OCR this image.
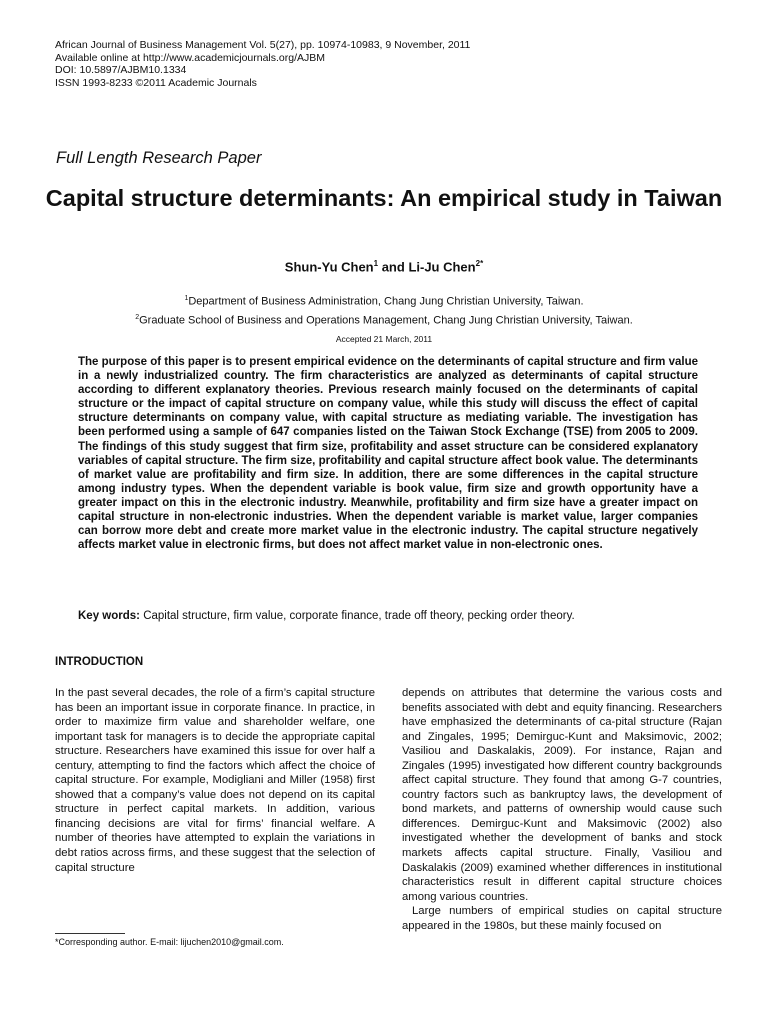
African Journal of Business Management Vol. 5(27), pp. 10974-10983, 9 November, 2011
Available online at http://www.academicjournals.org/AJBM
DOI: 10.5897/AJBM10.1334
ISSN 1993-8233 ©2011 Academic Journals
Full Length Research Paper
Capital structure determinants: An empirical study in Taiwan
Shun-Yu Chen$^1$ and Li-Ju Chen$^{2*}$
$^1$Department of Business Administration, Chang Jung Christian University, Taiwan.
$^2$Graduate School of Business and Operations Management, Chang Jung Christian University, Taiwan.
Accepted 21 March, 2011

The purpose of this paper is to present empirical evidence on the determinants of capital structure and firm value in a newly industrialized country. The firm characteristics are analyzed as determinants of capital structure according to different explanatory theories. Previous research mainly focused on the determinants of capital structure or the impact of capital structure on company value, while this study will discuss the effect of capital structure determinants on company value, with capital structure as mediating variable. The investigation has been performed using a sample of 647 companies listed on the Taiwan Stock Exchange (TSE) from 2005 to 2009. The findings of this study suggest that firm size, profitability and asset structure can be considered explanatory variables of capital structure. The firm size, profitability and capital structure affect book value. The determinants of market value are profitability and firm size. In addition, there are some differences in the capital structure among industry types. When the dependent variable is book value, firm size and growth opportunity have a greater impact on this in the electronic industry. Meanwhile, profitability and firm size have a greater impact on capital structure in non-electronic industries. When the dependent variable is market value, larger companies can borrow more debt and create more market value in the electronic industry. The capital structure negatively affects market value in electronic firms, but does not affect market value in non-electronic ones.

Key words: Capital structure, firm value, corporate finance, trade off theory, pecking order theory.
INTRODUCTION

In the past several decades, the role of a firm’s capital structure has been an important issue in corporate finance. In practice, in order to maximize firm value and shareholder welfare, one important task for managers is to decide the appropriate capital structure. Researchers have examined this issue for over half a century, attempting to find the factors which affect the choice of capital structure. For example, Modigliani and Miller (1958) first showed that a company’s value does not depend on its capital structure in perfect capital markets. In addition, various financing decisions are vital for firms’ financial welfare. A number of theories have attempted to explain the variations in debt ratios across firms, and these suggest that the selection of capital structure

depends on attributes that determine the various costs and benefits associated with debt and equity financing. Researchers have emphasized the determinants of ca-pital structure (Rajan and Zingales, 1995; Demirguc-Kunt and Maksimovic, 2002; Vasiliou and Daskalakis, 2009). For instance, Rajan and Zingales (1995) investigated how different country backgrounds affect capital structure. They found that among G-7 countries, country factors such as bankruptcy laws, the development of bond markets, and patterns of ownership would cause such differences. Demirguc-Kunt and Maksimovic (2002) also investigated whether the development of banks and stock markets affects capital structure. Finally, Vasiliou and Daskalakis (2009) examined whether differences in institutional characteristics result in different capital structure choices among various countries.

Large numbers of empirical studies on capital structure appeared in the 1980s, but these mainly focused on

*Corresponding author. E-mail: lijuchen2010@gmail.com.
